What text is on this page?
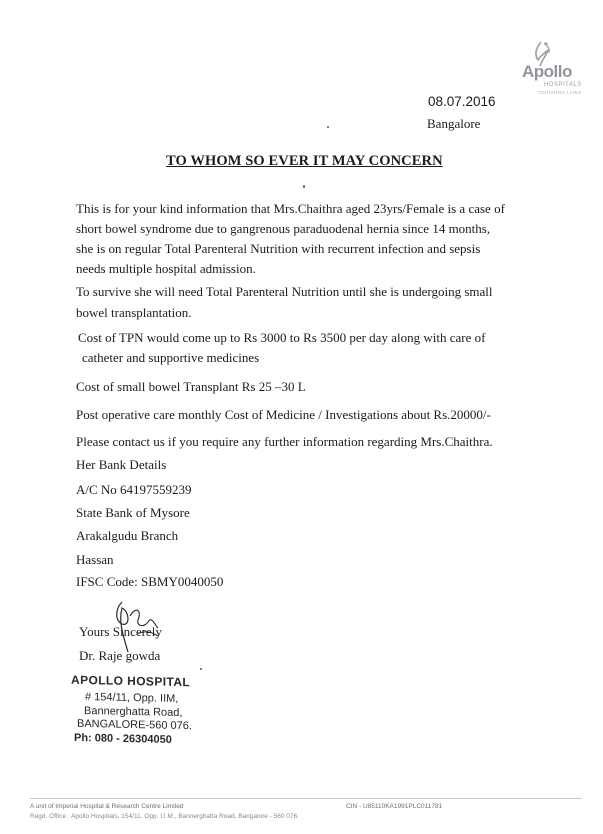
Apollo
HOSPITALS
TOUCHING LIVES
08.07.2016
Bangalore
TO WHOM SO EVER IT MAY CONCERN
This is for your kind information that Mrs.Chaithra aged 23yrs/Female is a case of
short bowel syndrome due to gangrenous paraduodenal hernia since 14 months,
she is on regular Total Parenteral Nutrition with recurrent infection and sepsis
needs multiple hospital admission.
To survive she will need Total Parenteral Nutrition until she is undergoing small
bowel transplantation.
Cost of TPN would come up to Rs 3000 to Rs 3500 per day along with care of
catheter and supportive medicines
Cost of small bowel Transplant Rs 25 –30 L
Post operative care monthly Cost of Medicine / Investigations about Rs.20000/-
Please contact us if you require any further information regarding Mrs.Chaithra.
Her Bank Details
A/C No 64197559239
State Bank of Mysore
Arakalgudu Branch
Hassan
IFSC Code: SBMY0040050
Yours Sincerely
Dr. Raje gowda
APOLLO HOSPITAL
# 154/11, Opp. IIM,
Bannerghatta Road,
BANGALORE-560 076.
Ph: 080 - 26304050
A unit of Imperial Hospital & Research Centre Limited	CIN - U85110KA1991PLC011781
Regd. Office : Apollo Hospitals, 154/11, Opp. I.I.M., Bannerghatta Road, Bangalore - 560 076.
